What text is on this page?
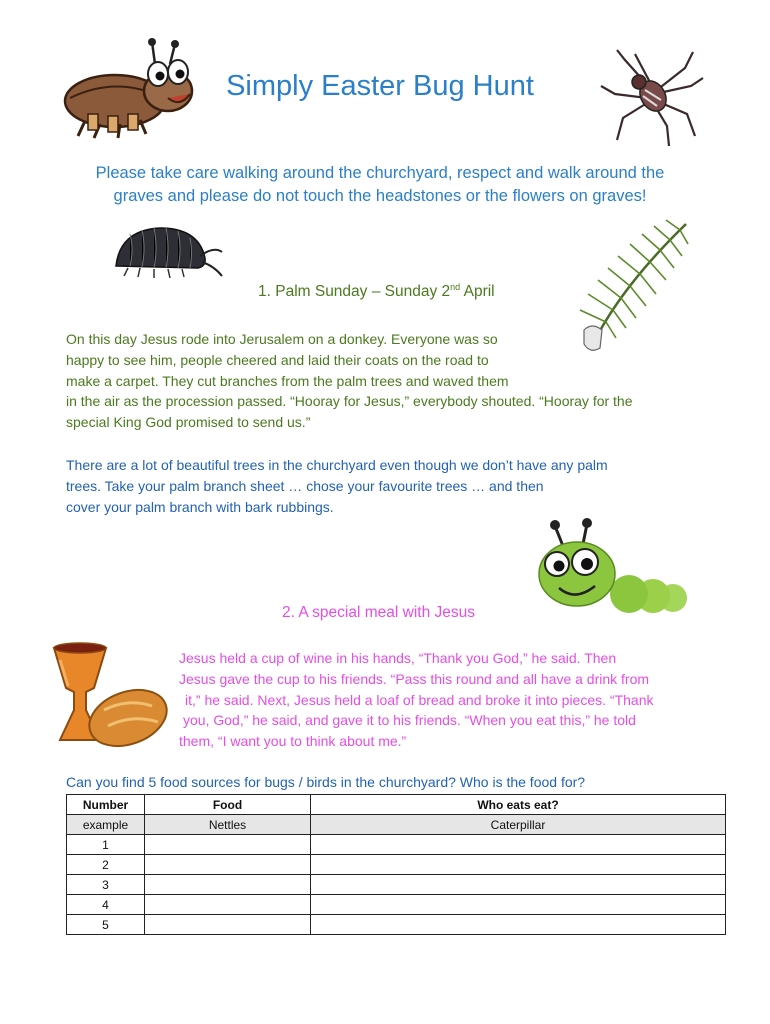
Simply Easter Bug Hunt
Please take care walking around the churchyard, respect and walk around the
graves and please do not touch the headstones or the flowers on graves!
1. Palm Sunday – Sunday 2nd April
On this day Jesus rode into Jerusalem on a donkey. Everyone was so
happy to see him, people cheered and laid their coats on the road to
make a carpet. They cut branches from the palm trees and waved them
in the air as the procession passed. “Hooray for Jesus,” everybody shouted. “Hooray for the
special King God promised to send us.”
There are a lot of beautiful trees in the churchyard even though we don’t have any palm
trees. Take your palm branch sheet … chose your favourite trees … and then
cover your palm branch with bark rubbings.
2. A special meal with Jesus
Jesus held a cup of wine in his hands, “Thank you God,” he said. Then
Jesus gave the cup to his friends. “Pass this round and all have a drink from
it,” he said. Next, Jesus held a loaf of bread and broke it into pieces. “Thank
you, God,” he said, and gave it to his friends. “When you eat this,” he told
them, “I want you to think about me.”
Can you find 5 food sources for bugs / birds in the churchyard? Who is the food for?
Number	Food	Who eats eat?
example	Nettles	Caterpillar
1		
2		
3		
4		
5		
